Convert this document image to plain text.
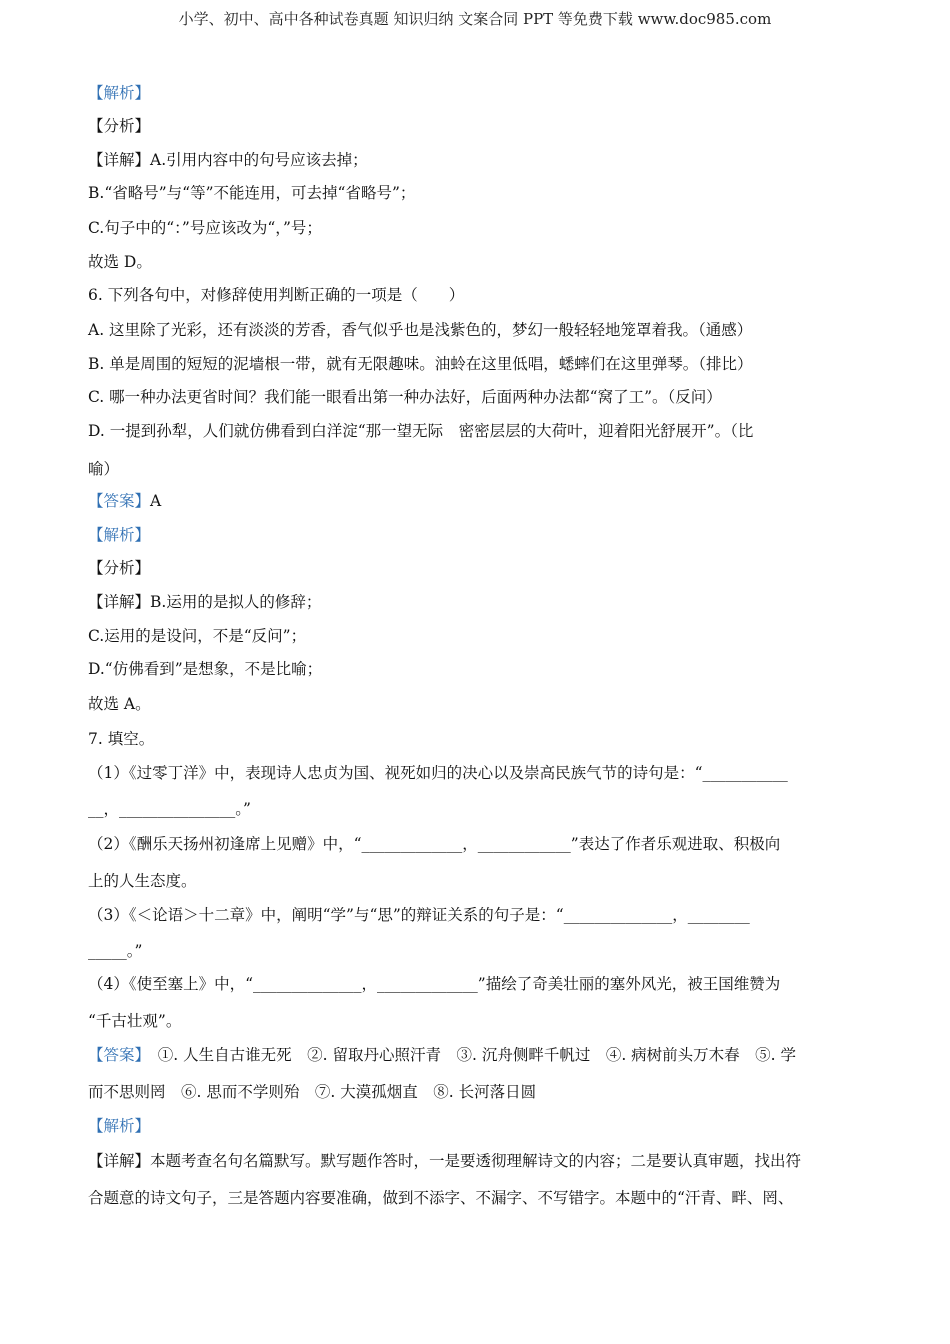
小学、初中、高中各种试卷真题 知识归纳 文案合同 PPT 等免费下载 www.doc985.com
【解析】
【分析】
【详解】A.引用内容中的句号应该去掉；
B.“省略号”与“等”不能连用，可去掉“省略号”；
C.句子中的“：”号应该改为“，”号；
故选 D。
6. 下列各句中，对修辞使用判断正确的一项是（　　）
A. 这里除了光彩，还有淡淡的芳香，香气似乎也是浅紫色的，梦幻一般轻轻地笼罩着我。（通感）
B. 单是周围的短短的泥墙根一带，就有无限趣味。油蛉在这里低唱，蟋蟀们在这里弹琴。（排比）
C. 哪一种办法更省时间？我们能一眼看出第一种办法好，后面两种办法都“窝了工”。（反问）
D. 一提到孙犁，人们就仿佛看到白洋淀“那一望无际　密密层层的大荷叶，迎着阳光舒展开”。（比
喻）
【答案】A
【解析】
【分析】
【详解】B.运用的是拟人的修辞；
C.运用的是设问，不是“反问”；
D.“仿佛看到”是想象，不是比喻；
故选 A。
7. 填空。
（1）《过零丁洋》中，表现诗人忠贞为国、视死如归的决心以及崇高民族气节的诗句是：“___________
__，_______________。”
（2）《酬乐天扬州初逢席上见赠》中，“_____________，____________”表达了作者乐观进取、积极向
上的人生态度。
（3）《＜论语＞十二章》中，阐明“学”与“思”的辩证关系的句子是：“______________，________
_____。”
（4）《使至塞上》中，“______________，_____________”描绘了奇美壮丽的塞外风光，被王国维赞为
“千古壮观”。
【答案】　①. 人生自古谁无死　②. 留取丹心照汗青　③. 沉舟侧畔千帆过　④. 病树前头万木春　⑤. 学
而不思则罔　⑥. 思而不学则殆　⑦. 大漠孤烟直　⑧. 长河落日圆
【解析】
【详解】本题考查名句名篇默写。默写题作答时，一是要透彻理解诗文的内容；二是要认真审题，找出符
合题意的诗文句子，三是答题内容要准确，做到不添字、不漏字、不写错字。本题中的“汗青、畔、罔、
